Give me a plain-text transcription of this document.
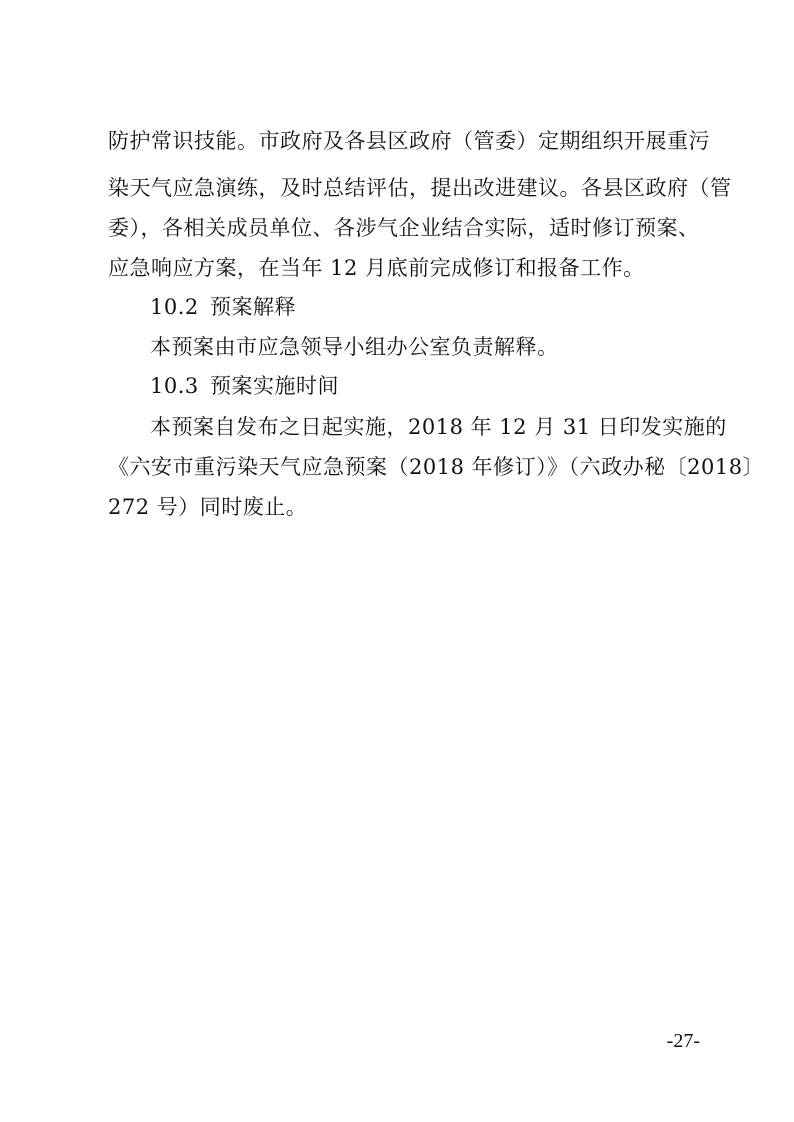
防护常识技能。市政府及各县区政府（管委）定期组织开展重污
染天气应急演练，及时总结评估，提出改进建议。各县区政府（管
委），各相关成员单位、各涉气企业结合实际，适时修订预案、
应急响应方案，在当年 12 月底前完成修订和报备工作。
10.2 预案解释
本预案由市应急领导小组办公室负责解释。
10.3 预案实施时间
本预案自发布之日起实施，2018 年 12 月 31 日印发实施的
《六安市重污染天气应急预案（2018 年修订）》（六政办秘〔2018〕
272 号）同时废止。
-27-
